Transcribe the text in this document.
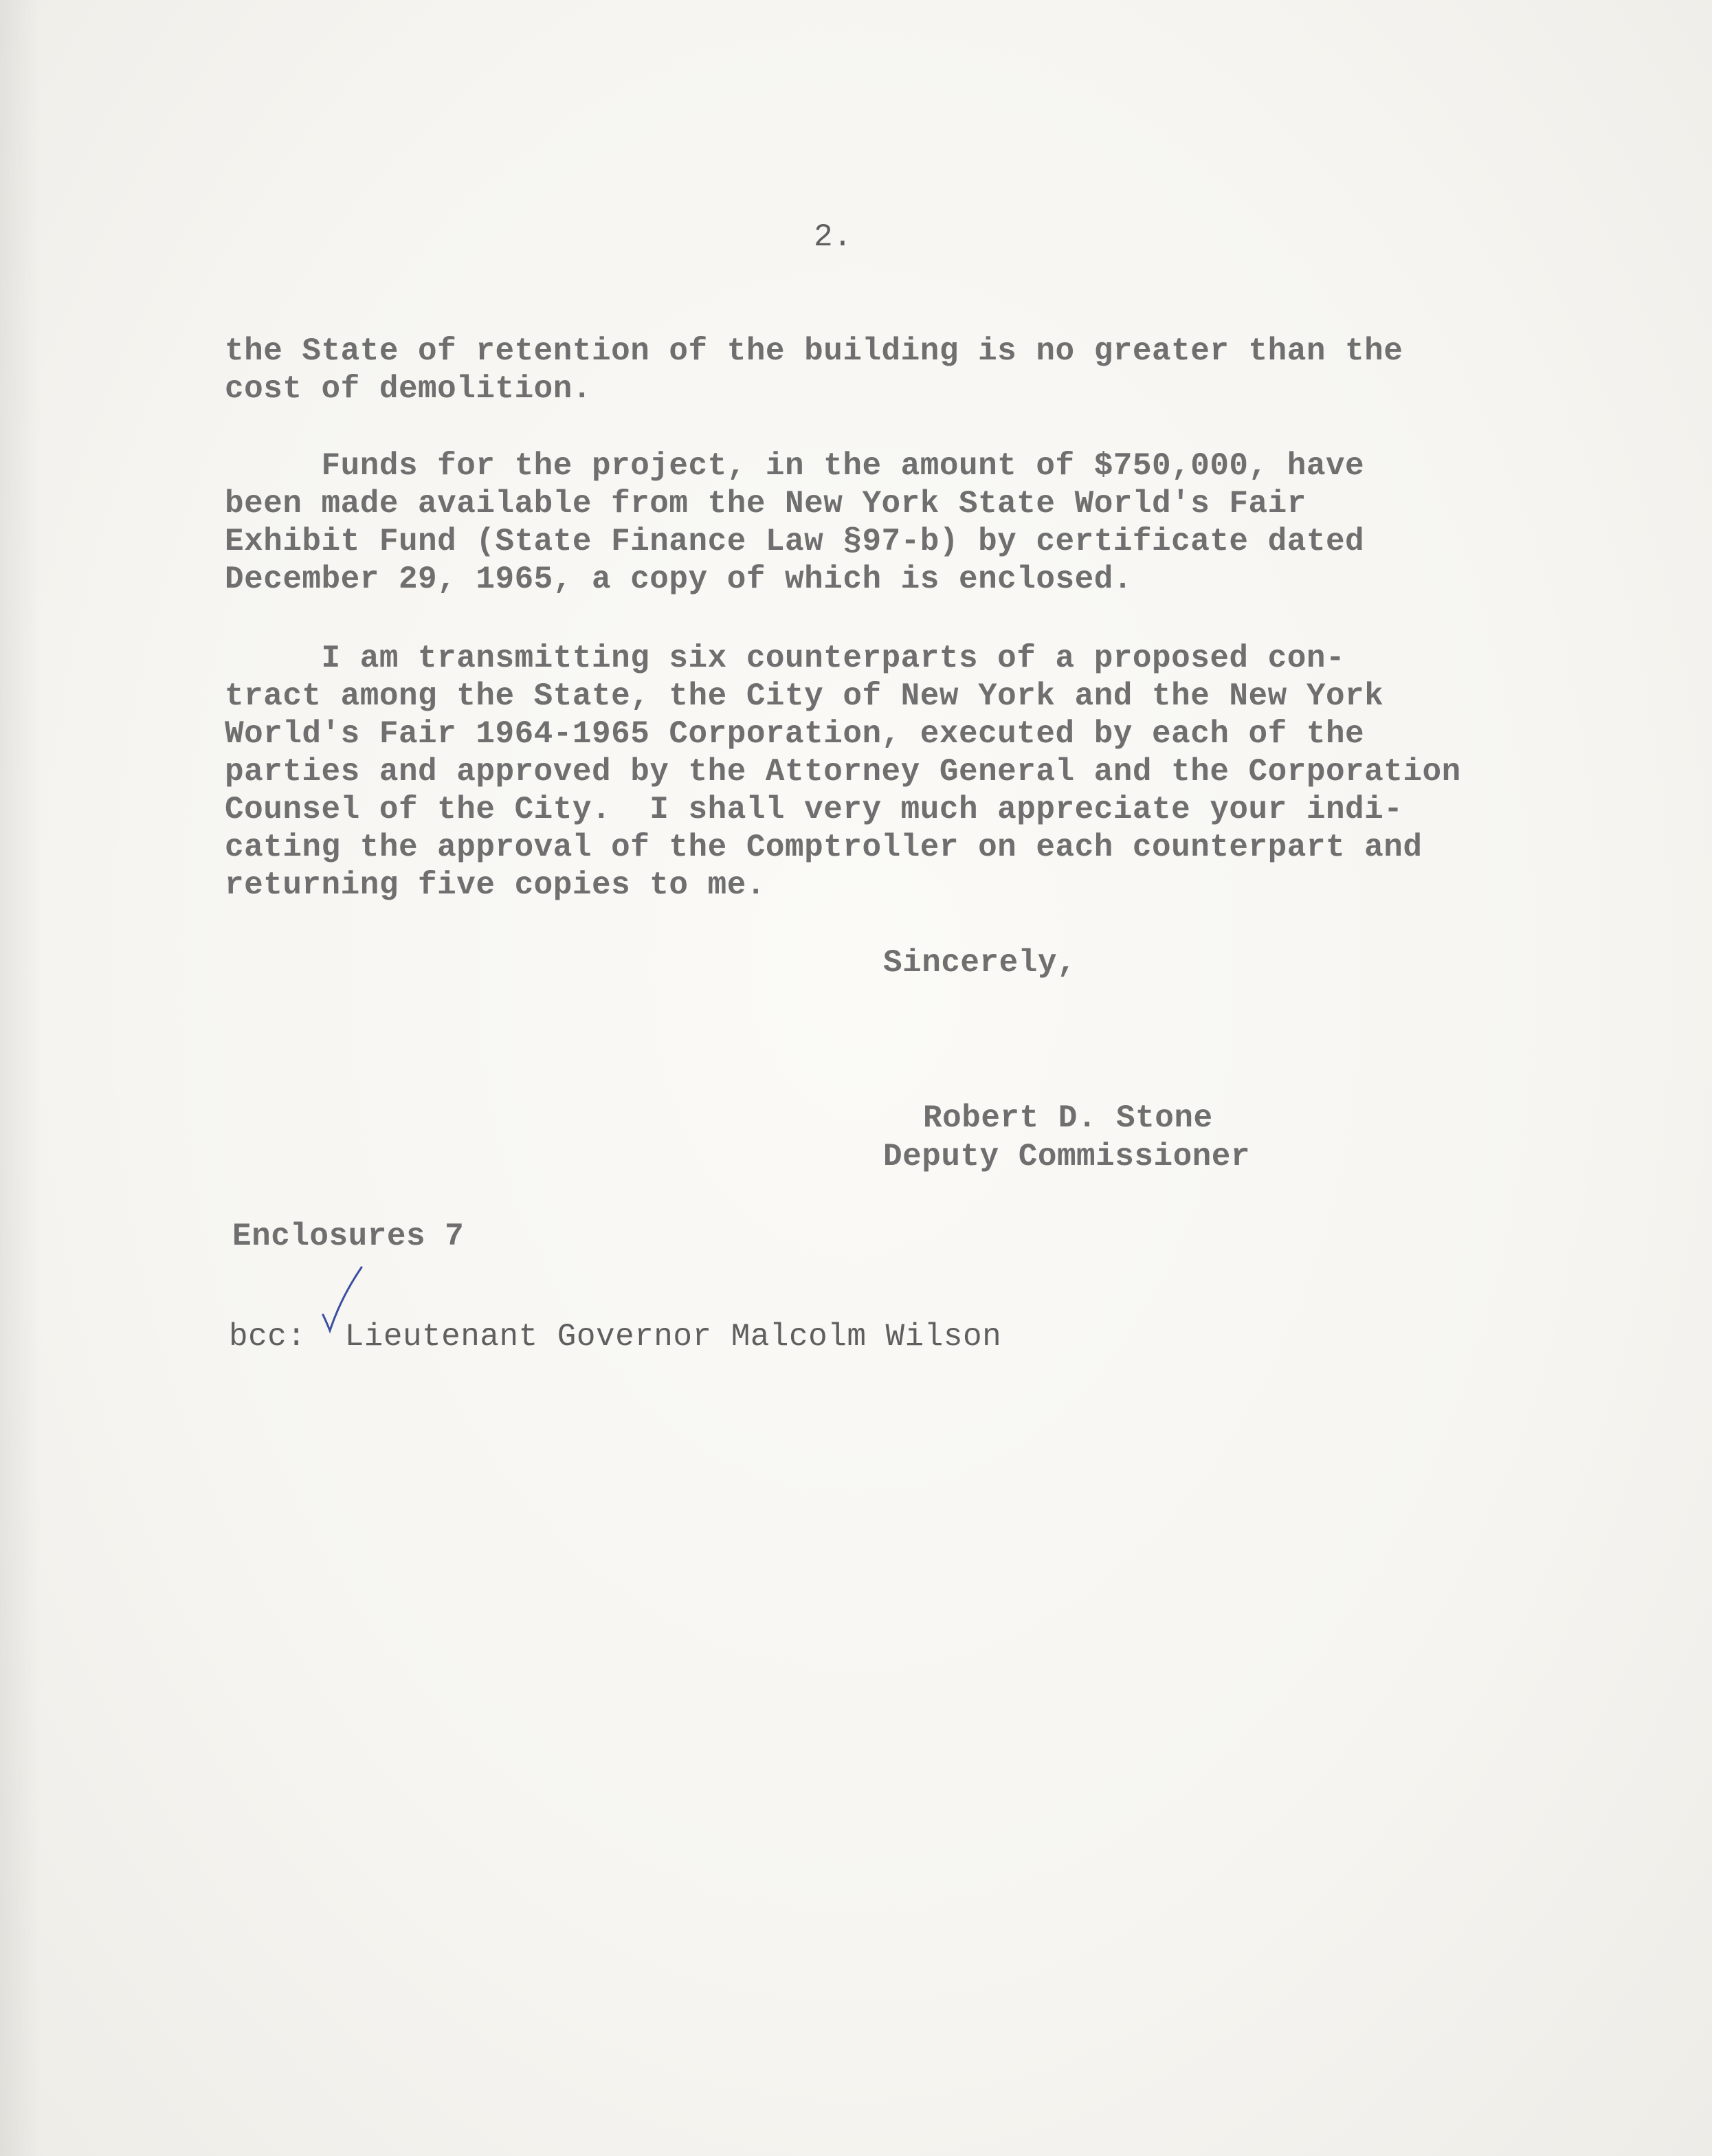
2.

the State of retention of the building is no greater than the
cost of demolition.

Funds for the project, in the amount of $750,000, have
been made available from the New York State World's Fair
Exhibit Fund (State Finance Law §97-b) by certificate dated
December 29, 1965, a copy of which is enclosed.

I am transmitting six counterparts of a proposed con-
tract among the State, the City of New York and the New York
World's Fair 1964-1965 Corporation, executed by each of the
parties and approved by the Attorney General and the Corporation
Counsel of the City.  I shall very much appreciate your indi-
cating the approval of the Comptroller on each counterpart and
returning five copies to me.

Sincerely,

Robert D. Stone

Deputy Commissioner

Enclosures 7

bcc:  Lieutenant Governor Malcolm Wilson
